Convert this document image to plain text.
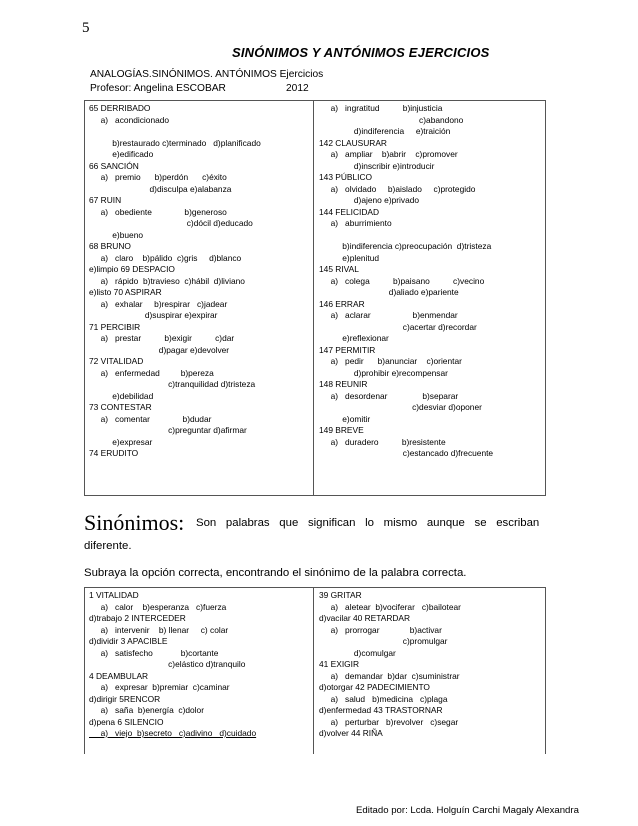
5
SINÓNIMOS Y ANTÓNIMOS EJERCICIOS
ANALOGÍAS.SINÓNIMOS. ANTÓNIMOS Ejercicios
Profesor: Angelina ESCOBAR	2012
65 DERRIBADO
a)   acondicionado
b)restaurado c)terminado   d)planificado
e)edificado
66 SANCIÓN
a)   premio      b)perdón      c)éxito
d)disculpa e)alabanza
67 RUIN
a)   obediente              b)generoso
c)dócil d)educado
e)bueno
68 BRUNO
a)   claro    b)pálido  c)gris     d)blanco
e)limpio 69 DESPACIO
a)   rápido  b)travieso  c)hábil  d)liviano
e)listo 70 ASPIRAR
a)   exhalar     b)respirar   c)jadear
d)suspirar e)expirar
71 PERCIBIR
a)   prestar          b)exigir          c)dar
d)pagar e)devolver
72 VITALIDAD
a)   enfermedad         b)pereza
c)tranquilidad d)tristeza
e)debilidad
73 CONTESTAR
a)   comentar              b)dudar
c)preguntar d)afirmar
e)expresar
74 ERUDITO
a)   ingratitud          b)injusticia
c)abandono
d)indiferencia     e)traición
142 CLAUSURAR
a)   ampliar    b)abrir    c)promover
d)inscribir e)introducir
143 PÚBLICO
a)   olvidado     b)aislado     c)protegido
d)ajeno e)privado
144 FELICIDAD
a)   aburrimiento
b)indiferencia c)preocupación  d)tristeza
e)plenitud
145 RIVAL
a)   colega          b)paisano          c)vecino
d)aliado e)pariente
146 ERRAR
a)   aclarar                  b)enmendar
c)acertar d)recordar
e)reflexionar
147 PERMITIR
a)   pedir      b)anunciar    c)orientar
d)prohibir e)recompensar
148 REUNIR
a)   desordenar               b)separar
c)desviar d)oponer
e)omitir
149 BREVE
a)   duradero          b)resistente
c)estancado d)frecuente
Sinónimos: Son palabras que significan lo mismo aunque se escriban
diferente.
Subraya la opción correcta, encontrando el sinónimo de la palabra correcta.
1 VITALIDAD
a)   calor    b)esperanza   c)fuerza
d)trabajo 2 INTERCEDER
a)   intervenir    b) llenar     c) colar
d)dividir 3 APACIBLE
a)   satisfecho            b)cortante
c)elástico d)tranquilo
4 DEAMBULAR
a)   expresar  b)premiar  c)caminar
d)dirigir 5RENCOR
a)   saña  b)energía  c)dolor
d)pena 6 SILENCIO
a)   viejo  b)secreto   c)adivino   d)cuidado
39 GRITAR
a)   aletear  b)vociferar   c)bailotear
d)vacilar 40 RETARDAR
a)   prorrogar             b)activar
c)promulgar
d)comulgar
41 EXIGIR
a)   demandar  b)dar  c)suministrar
d)otorgar 42 PADECIMIENTO
a)   salud   b)medicina   c)plaga
d)enfermedad 43 TRASTORNAR
a)   perturbar   b)revolver   c)segar
d)volver 44 RIÑA
Editado por: Lcda. Holguín Carchi Magaly Alexandra
